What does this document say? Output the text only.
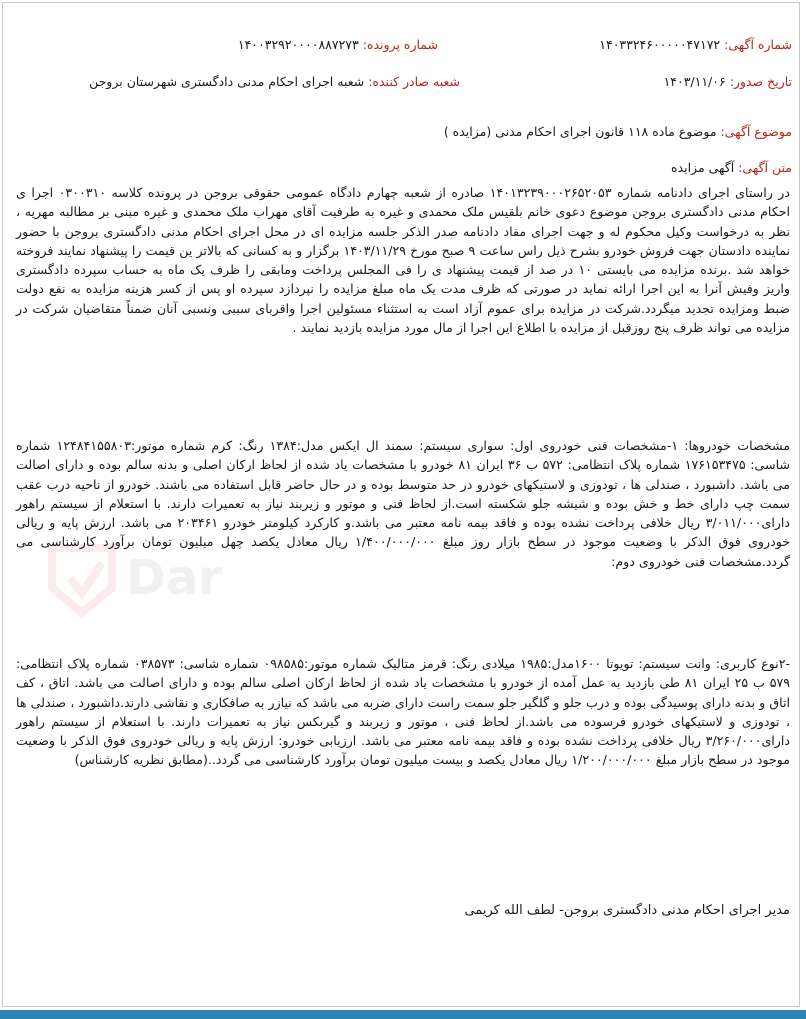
Dar
شماره آگهی: ۱۴۰۳۳۲۴۶۰۰۰۰۰۴۷۱۷۲
شماره پرونده: ۱۴۰۰۳۲۹۲۰۰۰۰۸۸۷۲۷۳
تاریخ صدور: ۱۴۰۳/۱۱/۰۶
شعبه صادر کننده: شعبه اجرای احکام مدنی دادگستری شهرستان بروجن
موضوع آگهی: موضوع ماده ۱۱۸ قانون اجرای احکام مدنی (مزایده )
متن آگهی: آگهی مزایده

در راستای اجرای دادنامه شماره ۱۴۰۱۳۲۳۹۰۰۰۲۶۵۲۰۵۳ صادره از شعبه چهارم دادگاه عمومی حقوقی بروجن در پرونده کلاسه ۰۳۰۰۳۱۰ اجرا ی احکام مدنی دادگستری بروجن موضوع دعوی خانم بلقیس ملک محمدی و غیره به طرفیت آقای مهراب ملک محمدی و غیره مبنی بر مطالبه مهریه ، نظر به درخواست وکیل محکوم له و جهت اجرای مفاد دادنامه صدر الذکر جلسه مزایده ای در محل اجرای احکام مدنی دادگستری بروجن با حضور نماینده دادستان جهت فروش خودرو بشرح ذیل راس ساعت ۹ صبح مورخ ۱۴۰۳/۱۱/۲۹ برگزار و به کسانی که بالاتر ین قیمت را پیشنهاد نمایند فروخته خواهد شد .برنده مزایده می بایستی ۱۰ در صد از قیمت پیشنهاد ی را فی المجلس پرداخت ومابقی را ظرف یک ماه به حساب سپرده دادگستری واریز وفیش آنرا به این اجرا ارائه نماید در صورتی که ظرف مدت یک ماه مبلغ مزایده را نپردازد سپرده او پس از کسر هزینه مزایده به نفع دولت ضبط ومزایده تجدید میگردد.شرکت در مزایده برای عموم آزاد است به استثناء مسئولین اجرا واقربای سببی ونسبی آنان ضمناً متقاضیان شرکت در مزایده می تواند ظرف پنج روزقبل از مزایده با اطلاع این اجرا از مال مورد مزایده بازدید نمایند .

مشخصات خودروها: ۱-مشخصات فنی خودروی اول: سواری سیستم: سمند ال ایکس مدل:۱۳۸۴ رنگ: کرم شماره موتور:۱۲۴۸۴۱۵۵۸۰۳ شماره شاسی: ۱۷۶۱۵۳۴۷۵ شماره پلاک انتظامی: ۵۷۲ ب ۳۶ ایران ۸۱ خودرو با مشخصات یاد شده از لحاظ ارکان اصلی و بدنه سالم بوده و دارای اصالت می باشد. داشبورد ، صندلی ها ، تودوزی و لاستیکهای خودرو در حد متوسط بوده و در حال حاضر قابل استفاده می باشند. خودرو از ناحیه درب عقب سمت چپ دارای خط و خش بوده و شیشه جلو شکسته است.از لحاظ فنی و موتور و زیربند نیاز به تعمیرات دارند. با استعلام از سیستم راهور دارای۳/۰۱۱/۰۰۰ ریال خلافی پرداخت نشده بوده و فاقد بیمه نامه معتبر می باشد.و کارکرد کیلومتر خودرو ۲۰۳۴۶۱ می باشد. ارزش پایه و ریالی خودروی فوق الذکر با وضعیت موجود در سطح بازار روز مبلغ ۱/۴۰۰/۰۰۰/۰۰۰ ریال معادل یکصد چهل میلیون تومان برآورد کارشناسی می گردد.مشخصات فنی خودروی دوم:

-۲نوع کاربری: وانت سیستم: تویوتا ۱۶۰۰مدل:۱۹۸۵ میلادی رنگ: قرمز متالیک شماره موتور:۰۹۸۵۸۵ شماره شاسی: ۰۳۸۵۷۳ شماره پلاک انتظامی: ۵۷۹ ب ۲۵ ایران ۸۱ طی بازدید به عمل آمده از خودرو با مشخصات یاد شده از لحاظ ارکان اصلی سالم بوده و دارای اصالت می باشد. اتاق ، کف اتاق و بدنه دارای پوسیدگی بوده و درب جلو و گلگیر جلو سمت راست دارای ضربه می باشد که نیازر به صافکاری و نقاشی دارند.داشبورد ، صندلی ها ، تودوزی و لاستیکهای خودرو فرسوده می باشد.از لحاظ فنی ، موتور و زیربند و گیربکس نیاز به تعمیرات دارند. با استعلام از سیستم راهور دارای۳/۲۶۰/۰۰۰ ریال خلافی پرداخت نشده بوده و فاقد بیمه نامه معتبر می باشد. ارزیابی خودرو: ارزش پایه و ریالی خودروی فوق الذکر با وضعیت موجود در سطح بازار مبلغ ۱/۲۰۰/۰۰۰/۰۰۰ ریال معادل یکصد و بیست میلیون تومان برآورد کارشناسی می گردد..(مطابق نظریه کارشناس)

مدیر اجرای احکام مدنی دادگستری بروجن- لطف الله کریمی
